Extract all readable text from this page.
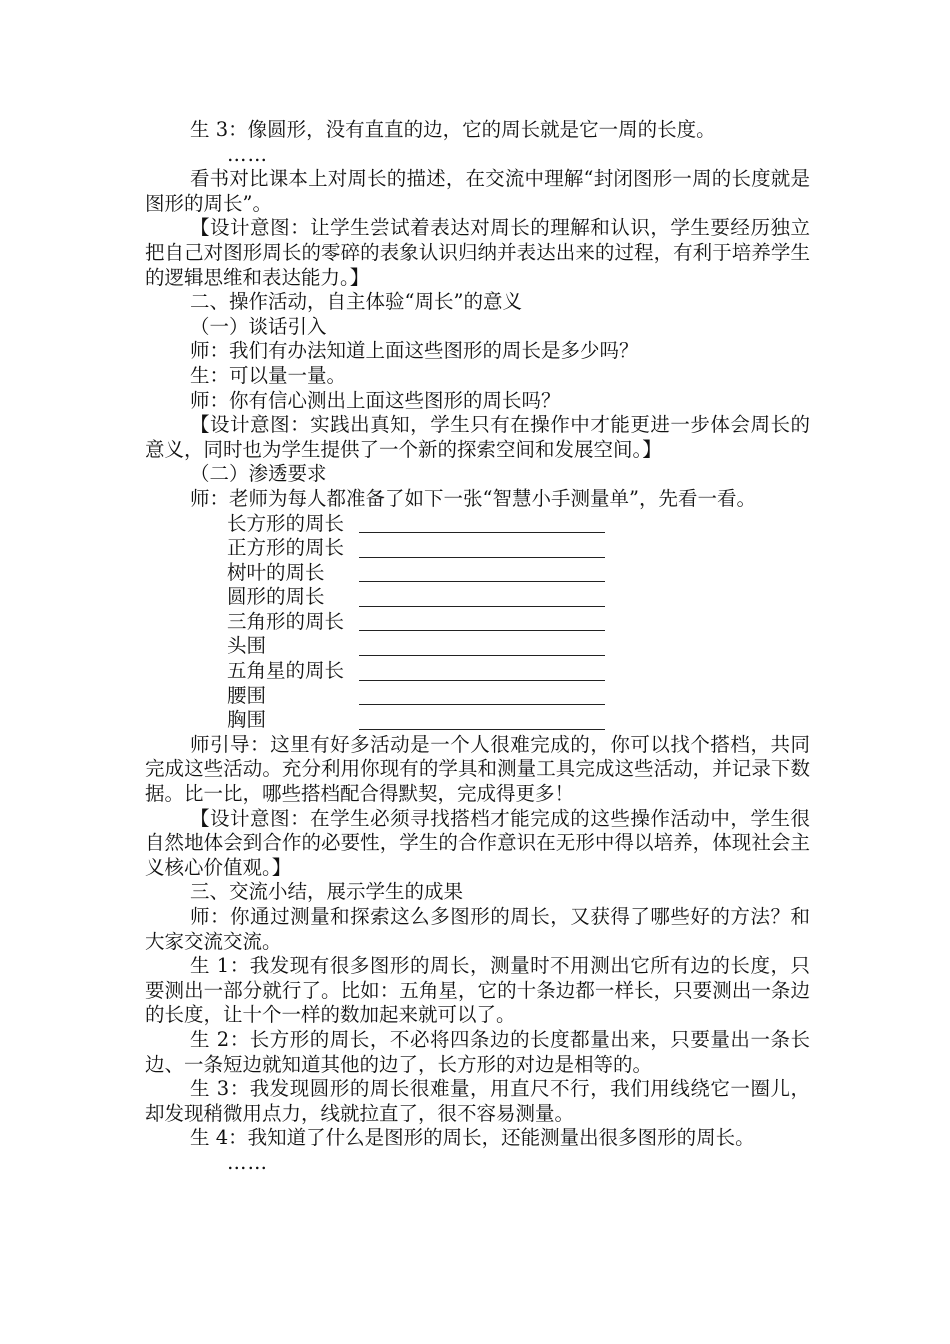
生 3：像圆形，没有直直的边，它的周长就是它一周的长度。
……
看书对比课本上对周长的描述，在交流中理解“封闭图形一周的长度就是图形的周长”。
【设计意图：让学生尝试着表达对周长的理解和认识，学生要经历独立把自己对图形周长的零碎的表象认识归纳并表达出来的过程，有利于培养学生的逻辑思维和表达能力。】
二、操作活动，自主体验“周长”的意义
（一）谈话引入
师：我们有办法知道上面这些图形的周长是多少吗？
生：可以量一量。
师：你有信心测出上面这些图形的周长吗？
【设计意图：实践出真知，学生只有在操作中才能更进一步体会周长的意义，同时也为学生提供了一个新的探索空间和发展空间。】
（二）渗透要求
师：老师为每人都准备了如下一张“智慧小手测量单”，先看一看。
长方形的周长
正方形的周长
树叶的周长
圆形的周长
三角形的周长
头围
五角星的周长
腰围
胸围
师引导：这里有好多活动是一个人很难完成的，你可以找个搭档，共同完成这些活动。充分利用你现有的学具和测量工具完成这些活动，并记录下数据。比一比，哪些搭档配合得默契，完成得更多！
【设计意图：在学生必须寻找搭档才能完成的这些操作活动中，学生很自然地体会到合作的必要性，学生的合作意识在无形中得以培养，体现社会主义核心价值观。】
三、交流小结，展示学生的成果
师：你通过测量和探索这么多图形的周长，又获得了哪些好的方法？和大家交流交流。
生 1：我发现有很多图形的周长，测量时不用测出它所有边的长度，只要测出一部分就行了。比如：五角星，它的十条边都一样长，只要测出一条边的长度，让十个一样的数加起来就可以了。
生 2：长方形的周长，不必将四条边的长度都量出来，只要量出一条长边、一条短边就知道其他的边了，长方形的对边是相等的。
生 3：我发现圆形的周长很难量，用直尺不行，我们用线绕它一圈儿，却发现稍微用点力，线就拉直了，很不容易测量。
生 4：我知道了什么是图形的周长，还能测量出很多图形的周长。
……
